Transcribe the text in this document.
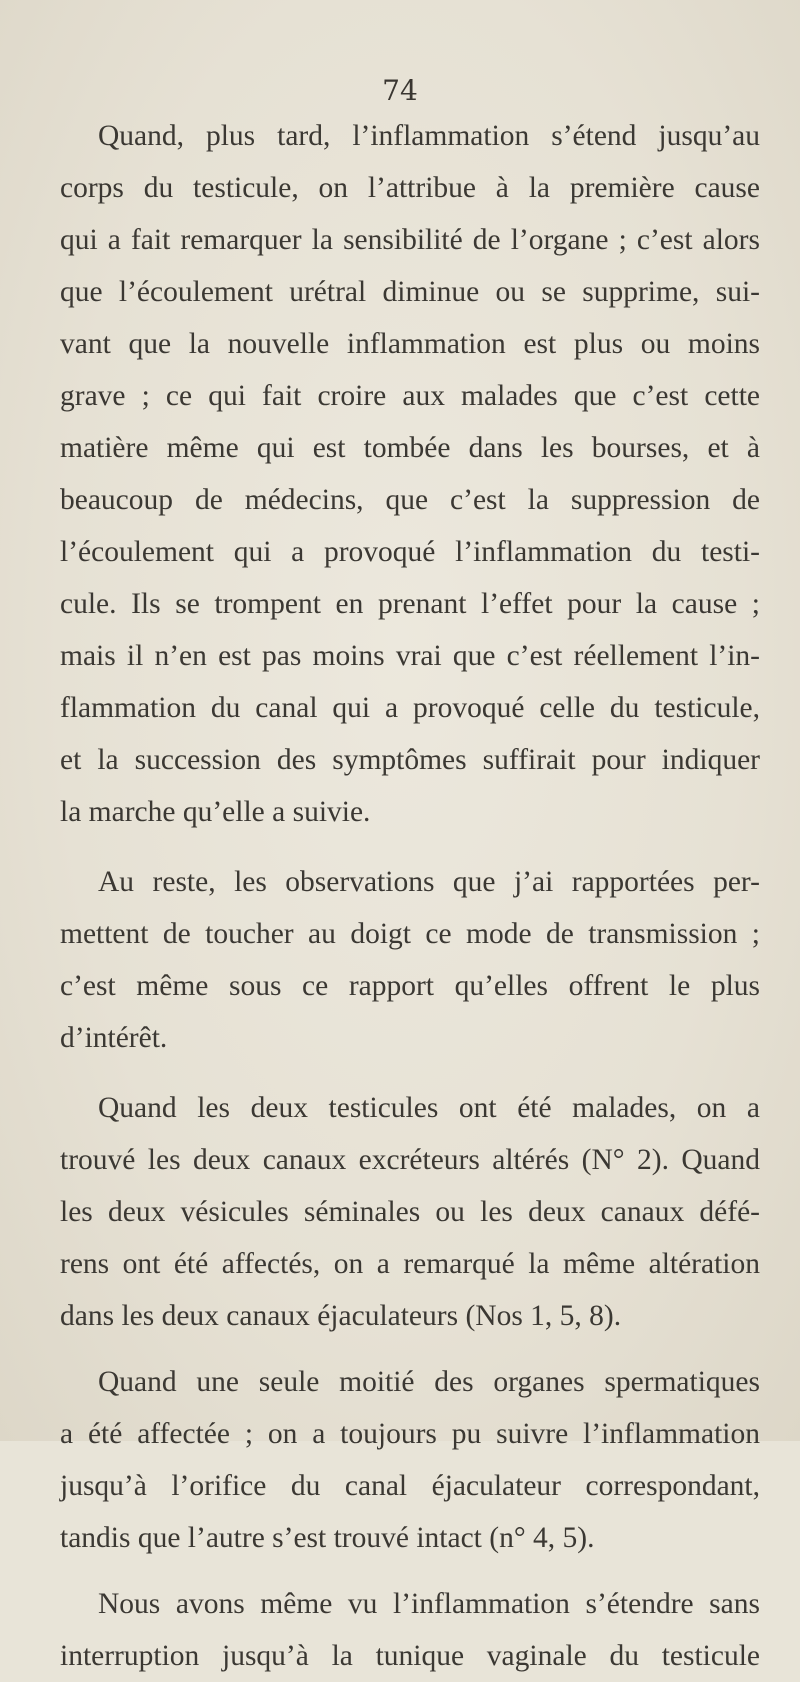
74
Quand, plus tard, l’inflammation s’étend jusqu’au
corps du testicule, on l’attribue à la première cause
qui a fait remarquer la sensibilité de l’organe ; c’est alors
que l’écoulement urétral diminue ou se supprime, sui-
vant que la nouvelle inflammation est plus ou moins
grave ; ce qui fait croire aux malades que c’est cette
matière même qui est tombée dans les bourses, et à
beaucoup de médecins, que c’est la suppression de
l’écoulement qui a provoqué l’inflammation du testi-
cule. Ils se trompent en prenant l’effet pour la cause ;
mais il n’en est pas moins vrai que c’est réellement l’in-
flammation du canal qui a provoqué celle du testicule,
et la succession des symptômes suffirait pour indiquer
la marche qu’elle a suivie.
Au reste, les observations que j’ai rapportées per-
mettent de toucher au doigt ce mode de transmission ;
c’est même sous ce rapport qu’elles offrent le plus
d’intérêt.
Quand les deux testicules ont été malades, on a
trouvé les deux canaux excréteurs altérés (N° 2). Quand
les deux vésicules séminales ou les deux canaux défé-
rens ont été affectés, on a remarqué la même altération
dans les deux canaux éjaculateurs (Nos 1, 5, 8).
Quand une seule moitié des organes spermatiques
a été affectée ; on a toujours pu suivre l’inflammation
jusqu’à l’orifice du canal éjaculateur correspondant,
tandis que l’autre s’est trouvé intact (n° 4, 5).
Nous avons même vu l’inflammation s’étendre sans
interruption jusqu’à la tunique vaginale du testicule
